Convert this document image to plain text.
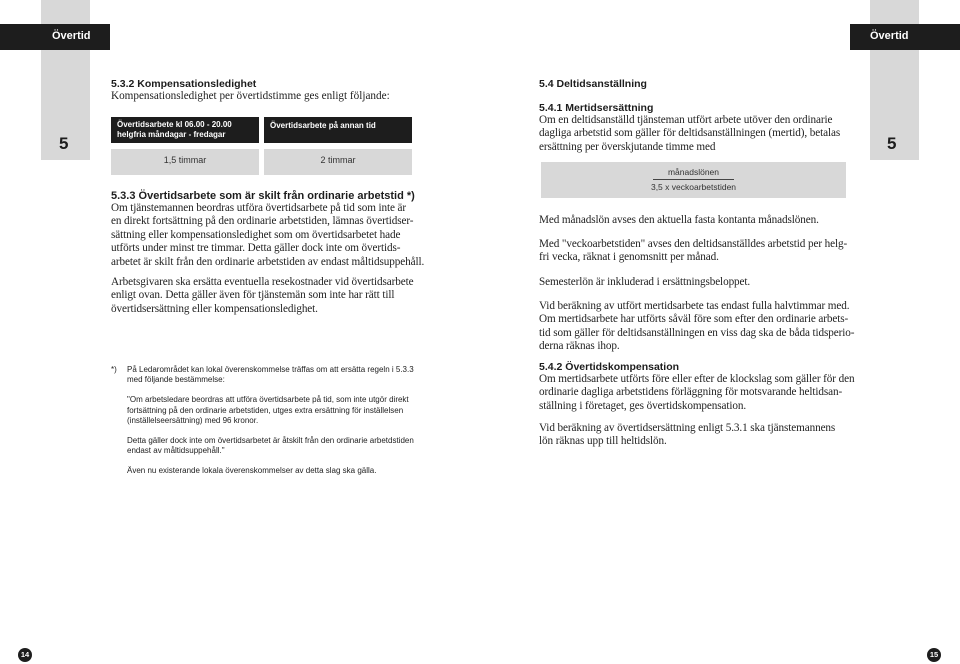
Övertid
5
Övertid
5
5.3.2 Kompensationsledighet

Kompensationsledighet per övertidstimme ges enligt följande:

Övertidsarbete kl 06.00 - 20.00
helgfria måndagar - fredagar
Övertidsarbete på annan tid
1,5 timmar	2 timmar
5.3.3 Övertidsarbete som är skilt från ordinarie arbetstid *)

Om tjänstemannen beordras utföra övertidsarbete på tid som inte är

en direkt fortsättning på den ordinarie arbetstiden, lämnas övertidser-

sättning eller kompensationsledighet som om övertidsarbetet hade

utförts under minst tre timmar. Detta gäller dock inte om övertids-

arbetet är skilt från den ordinarie arbetstiden av endast måltidsuppehåll.

Arbetsgivaren ska ersätta eventuella resekostnader vid övertidsarbete

enligt ovan. Detta gäller även för tjänstemän som inte har rätt till

övertidsersättning eller kompensationsledighet.

*) På Ledarområdet kan lokal överenskommelse träffas om att ersätta regeln i 5.3.3
med följande bestämmelse:
"Om arbetsledare beordras att utföra övertidsarbete på tid, som inte utgör direkt
fortsättning på den ordinarie arbetstiden, utges extra ersättning för inställelsen
(inställelseersättning) med 96 kronor.
Detta gäller dock inte om övertidsarbetet är åtskilt från den ordinarie arbetdstiden
endast av måltidsuppehåll."
Även nu existerande lokala överenskommelser av detta slag ska gälla.
5.4 Deltidsanställning
5.4.1 Mertidsersättning

Om en deltidsanställd tjänsteman utfört arbete utöver den ordinarie

dagliga arbetstid som gäller för deltidsanställningen (mertid), betalas

ersättning per överskjutande timme med

månadslönen
3,5 x veckoarbetstiden

Med månadslön avses den aktuella fasta kontanta månadslönen.

Med "veckoarbetstiden" avses den deltidsanställdes arbetstid per helg-

fri vecka, räknat i genomsnitt per månad.

Semesterlön är inkluderad i ersättningsbeloppet.

Vid beräkning av utfört mertidsarbete tas endast fulla halvtimmar med.

Om mertidsarbete har utförts såväl före som efter den ordinarie arbets-

tid som gäller för deltidsanställningen en viss dag ska de båda tidsperio-

derna räknas ihop.

5.4.2 Övertidskompensation

Om mertidsarbete utförts före eller efter de klockslag som gäller för den

ordinarie dagliga arbetstidens förläggning för motsvarande heltidsan-

ställning i företaget, ges övertidskompensation.

Vid beräkning av övertidsersättning enligt 5.3.1 ska tjänstemannens

lön räknas upp till heltidslön.

14	15
